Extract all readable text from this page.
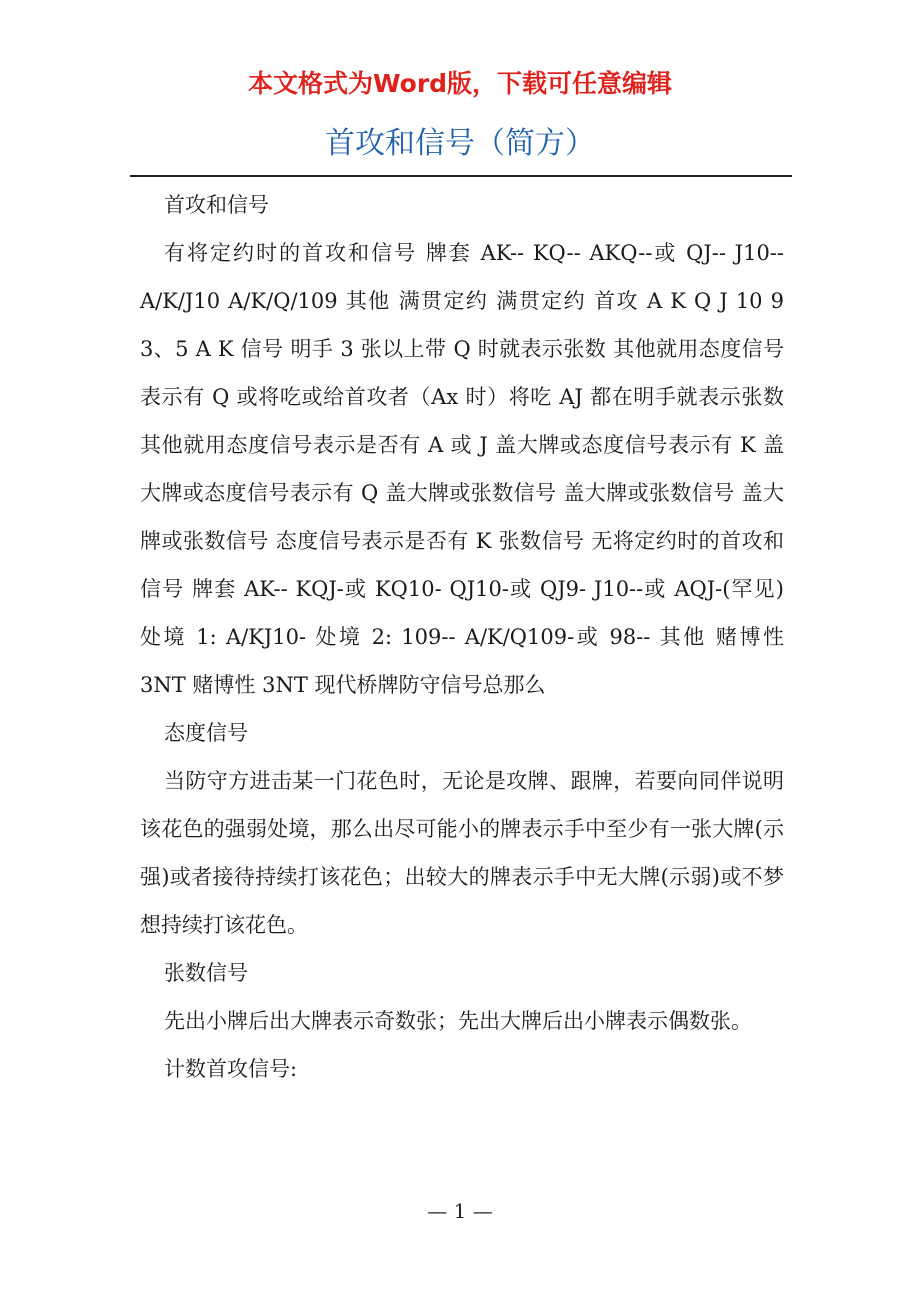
本文格式为Word版，下载可任意编辑
首攻和信号（简方）

首攻和信号

有将定约时的首攻和信号 牌套 AK-- KQ-- AKQ--或 QJ-- J10-- A/K/J10 A/K/Q/109 其他 满贯定约 满贯定约 首攻 A K Q J 10 9 3、5 A K 信号 明手 3 张以上带 Q 时就表示张数 其他就用态度信号表示有 Q 或将吃或给首攻者（Ax 时）将吃 AJ 都在明手就表示张数 其他就用态度信号表示是否有 A 或 J 盖大牌或态度信号表示有 K 盖大牌或态度信号表示有 Q 盖大牌或张数信号 盖大牌或张数信号 盖大牌或张数信号 态度信号表示是否有 K 张数信号 无将定约时的首攻和信号 牌套 AK-- KQJ-或 KQ10- QJ10-或 QJ9- J10--或 AQJ-(罕见) 处境 1: A/KJ10- 处境 2: 109-- A/K/Q109-或 98-- 其他 赌博性 3NT 赌博性 3NT 现代桥牌防守信号总那么

态度信号

当防守方进击某一门花色时，无论是攻牌、跟牌，若要向同伴说明该花色的强弱处境，那么出尽可能小的牌表示手中至少有一张大牌(示强)或者接待持续打该花色；出较大的牌表示手中无大牌(示弱)或不梦想持续打该花色。

张数信号

先出小牌后出大牌表示奇数张；先出大牌后出小牌表示偶数张。

计数首攻信号:

— 1 —
